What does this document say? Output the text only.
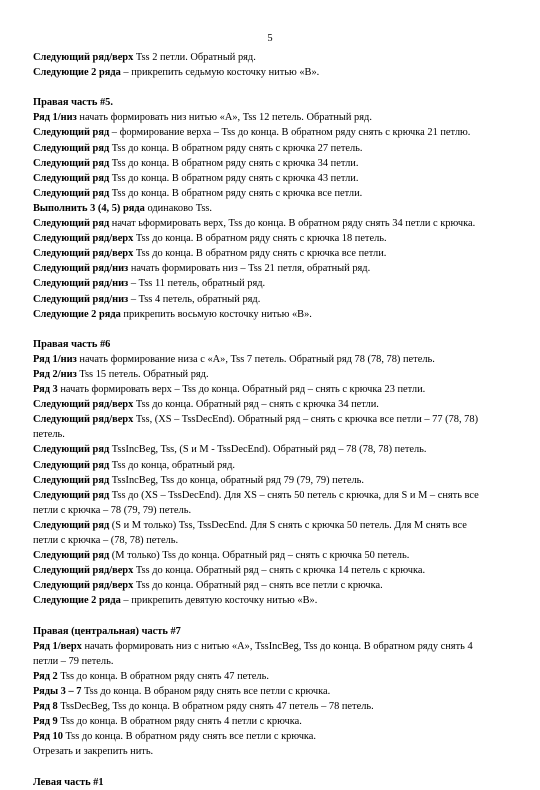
5
Следующий ряд/верх Tss 2 петли. Обратный ряд.
Следующие 2 ряда – прикрепить седьмую косточку нитью «В».
Правая часть #5.
Ряд 1/низ начать формировать низ нитью «А», Tss 12 петель. Обратный ряд.
Следующий ряд – формирование верха – Tss до конца. В обратном ряду снять с крючка 21 петлю.
Следующий ряд Tss до конца. В обратном ряду снять с крючка 27 петель.
Следующий ряд Tss до конца. В обратном ряду снять с крючка 34 петли.
Следующий ряд Tss до конца. В обратном ряду снять с крючка 43 петли.
Следующий ряд Tss до конца. В обратном ряду снять с крючка все петли.
Выполнить 3 (4, 5) ряда одинаково Tss.
Следующий ряд начат ьформировать верх, Tss до конца. В обратном ряду снять 34 петли с крючка.
Следующий ряд/верх Tss до конца. В обратном ряду снять с крючка 18 петель.
Следующий ряд/верх Tss до конца. В обратном ряду снять с крючка все петли.
Следующий ряд/низ начать формировать низ – Tss 21 петля, обратный ряд.
Следующий ряд/низ – Tss 11 петель, обратный ряд.
Следующий ряд/низ – Tss 4 петель, обратный ряд.
Следующие 2 ряда прикрепить восьмую косточку нитью «В».
Правая часть #6
Ряд 1/низ начать формирование низа с «А», Tss 7 петель. Обратный ряд 78 (78, 78) петель.
Ряд 2/низ Tss 15 петель. Обратный ряд.
Ряд 3 начать формировать верх – Tss до конца. Обратный ряд – снять с крючка 23 петли.
Следующий ряд/верх Tss до конца. Обратный ряд – снять с крючка 34 петли.
Следующий ряд/верх Tss, (XS – TssDecEnd). Обратный ряд – снять с крючка все петли – 77 (78, 78)
петель.
Следующий ряд TssIncBeg, Tss, (S и M - TssDecEnd). Обратный ряд – 78 (78, 78) петель.
Следующий ряд Tss до конца, обратный ряд.
Следующий ряд TssIncBeg, Tss до конца, обратный ряд 79 (79, 79) петель.
Следующий ряд Tss до (XS – TssDecEnd). Для XS – снять 50 петель с крючка, для S и M – снять все
петли с крючка – 78 (79, 79) петель.
Следующий ряд (S и M только) Tss, TssDecEnd. Для S снять с крючка 50 петель. Для M снять все
петли с крючка – (78, 78) петель.
Следующий ряд (M только) Tss до конца. Обратный ряд – снять с крючка 50 петель.
Следующий ряд/верх Tss до конца. Обратный ряд – снять с крючка 14 петель с крючка.
Следующий ряд/верх Tss до конца. Обратный ряд – снять все петли с крючка.
Следующие 2 ряда – прикрепить девятую косточку нитью «В».
Правая (центральная) часть #7
Ряд 1/верх начать формировать низ с нитью «А», TssIncBeg, Tss до конца. В обратном ряду снять 4
петли – 79 петель.
Ряд 2 Tss до конца. В обратном ряду снять 47 петель.
Ряды 3 – 7 Tss до конца. В обраном ряду снять все петли с крючка.
Ряд 8 TssDecBeg, Tss до конца. В обратном ряду снять 47 петель – 78 петель.
Ряд 9 Tss до конца. В обратном ряду снять 4 петли с крючка.
Ряд 10 Tss до конца. В обратном ряду снять все петли с крючка.
Отрезать и закрепить нить.
Левая часть #1
